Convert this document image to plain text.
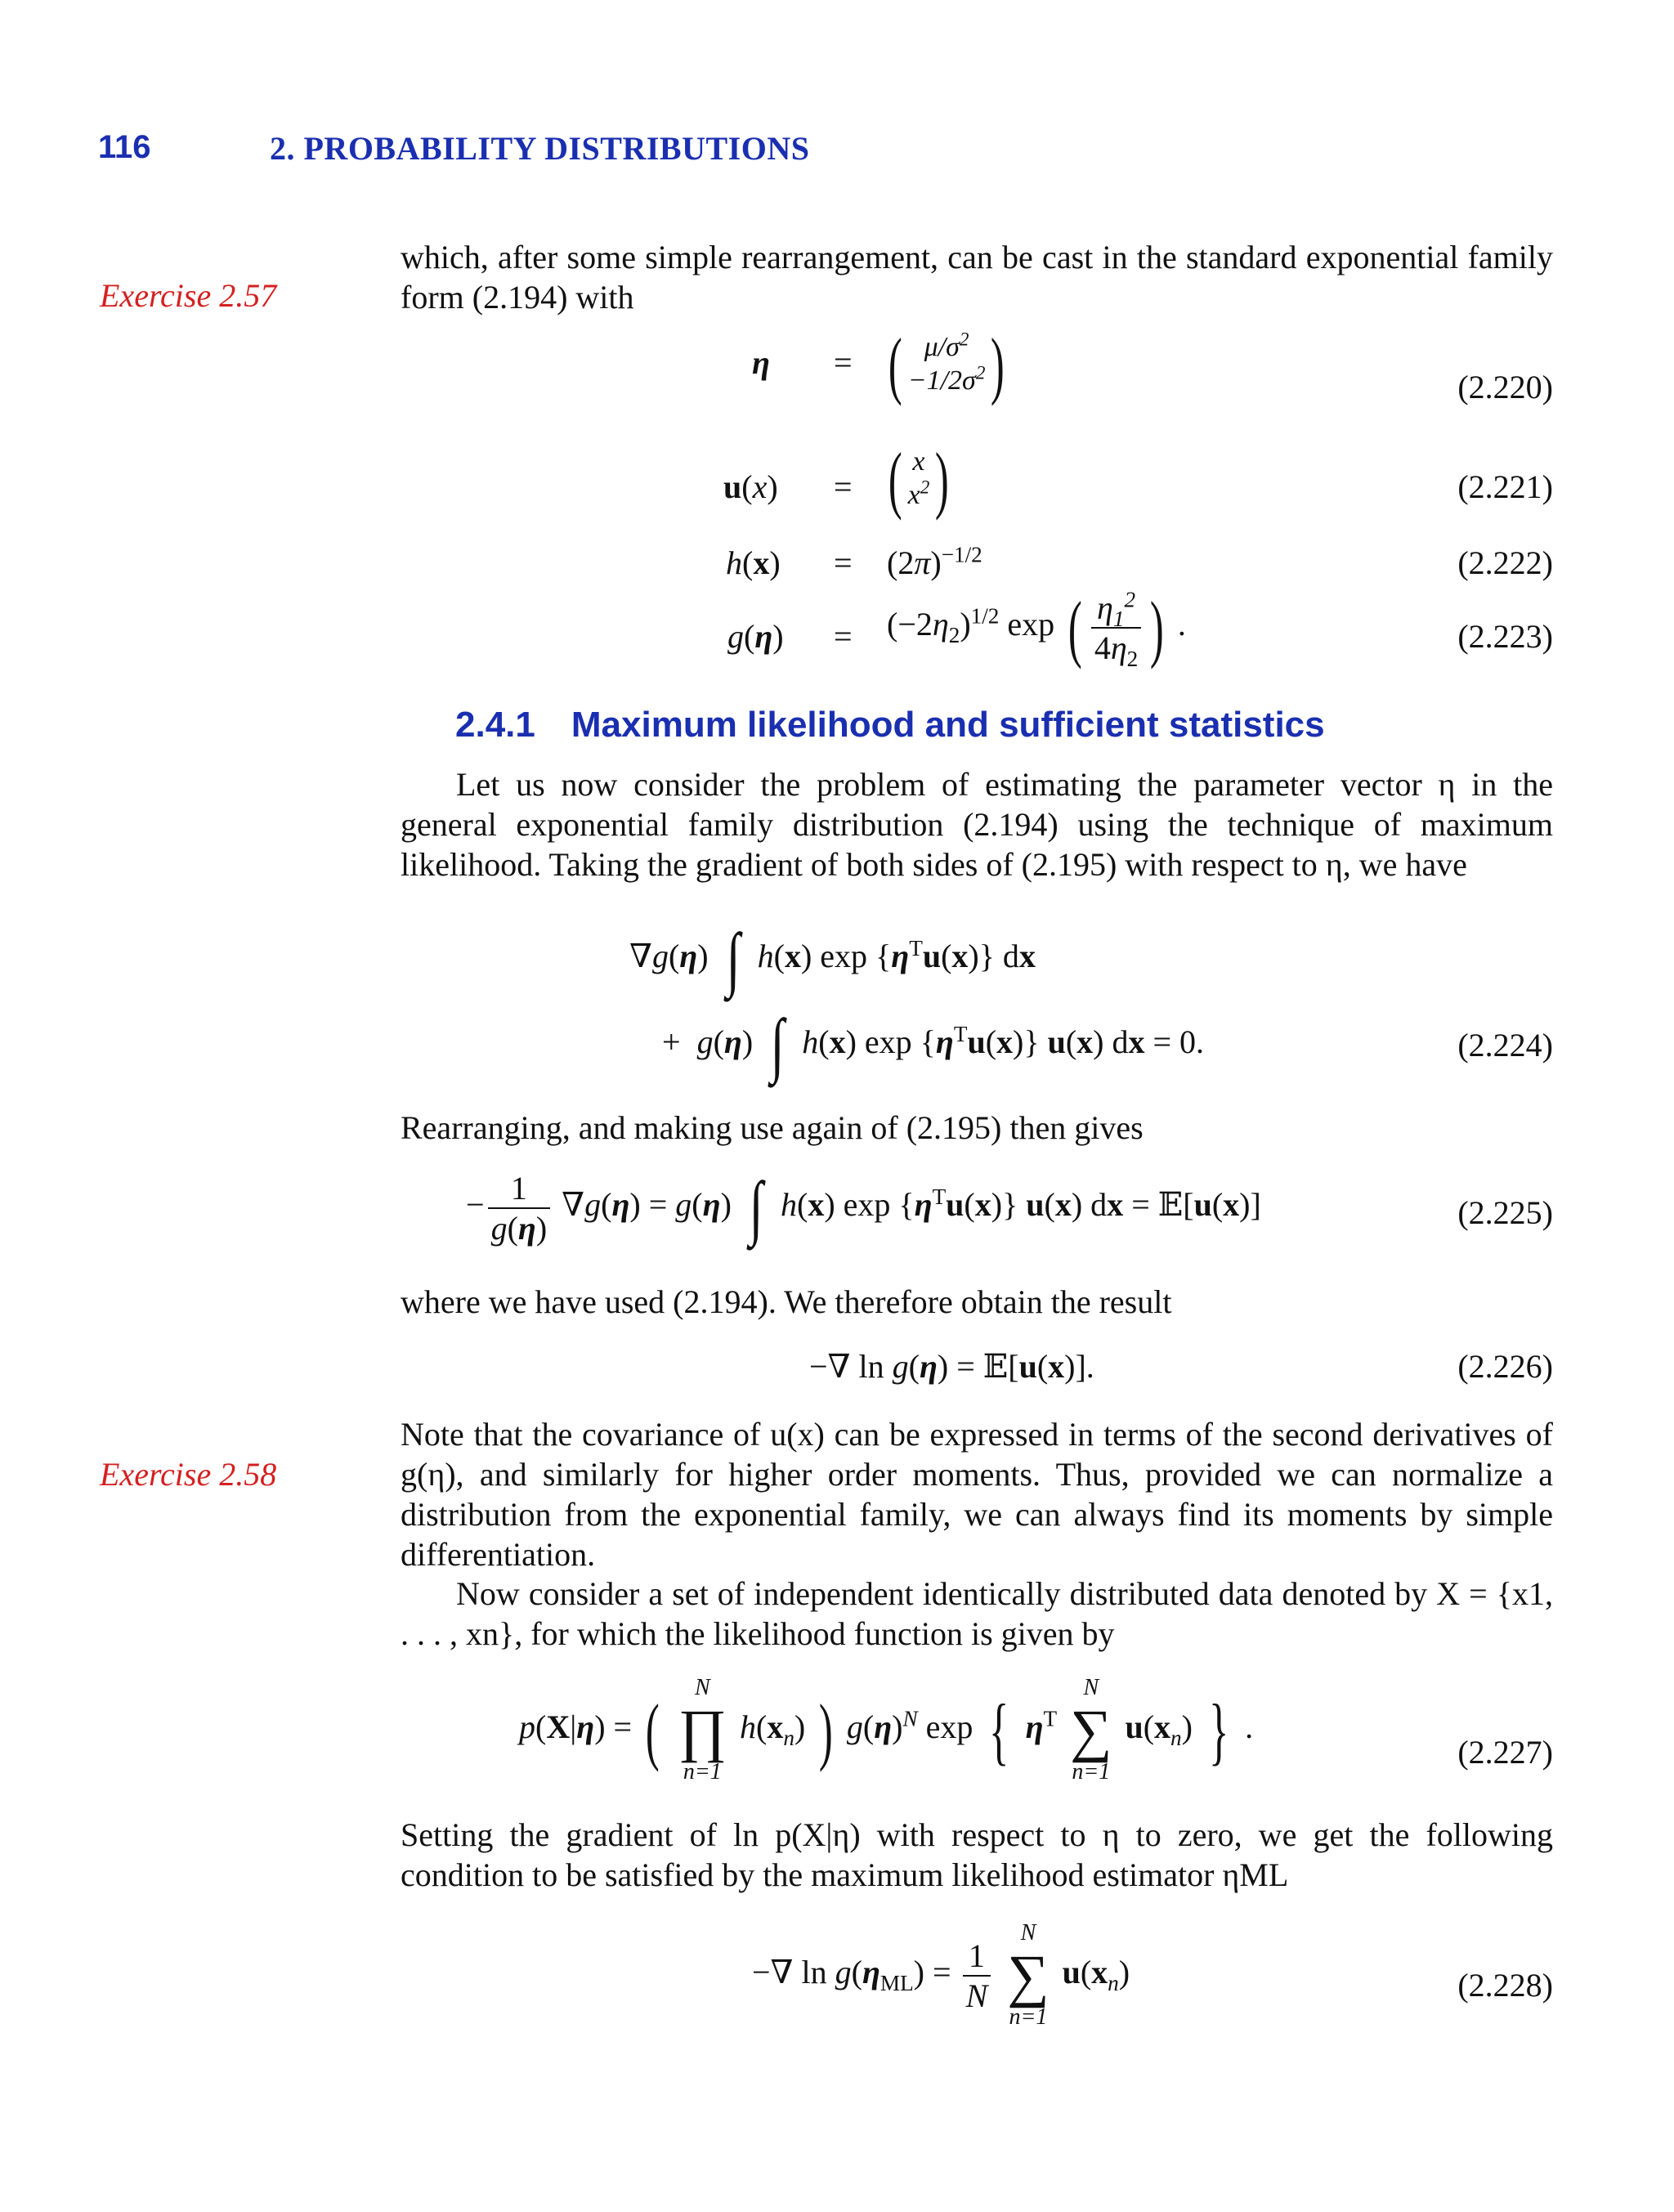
116	2. PROBABILITY DISTRIBUTIONS
Exercise 2.57
Exercise 2.58
which, after some simple rearrangement, can be cast in the standard exponential family form (2.194) with
η = ( $\mu/\sigma^2$
$-1/2\sigma^2$ )	(2.220)
u(x) = ( x
$x^2$ )	(2.221)
$h(x) = (2\pi)^{-1/2}$	(2.222)
$g(\eta) = (-2\eta_2)^{1/2}$ exp ( $\frac{\eta_1^2}{4\eta_2}$ ) .	(2.223)
2.4.1 Maximum likelihood and sufficient statistics
Let us now consider the problem of estimating the parameter vector η in the general exponential family distribution (2.194) using the technique of maximum likelihood. Taking the gradient of both sides of (2.195) with respect to η, we have
∇g(η) ∫ h(x) $\exp \{\eta^Tu(x)\}$ dx
+  g(η) ∫ h(x) $\exp \{\eta^Tu(x)\}$ u(x) dx = 0.	(2.224)
Rearranging, and making use again of (2.195) then gives
− $\frac{1}{g(\eta)} \nabla g(\eta) = g(\eta)$ ∫ h(x) $\exp \{\eta^Tu(x)\}$ u(x) dx = 𝔼[u(x)]	(2.225)
where we have used (2.194). We therefore obtain the result
−∇ ln g(η) = 𝔼[u(x)].	(2.226)
Note that the covariance of u(x) can be expressed in terms of the second derivatives of g(η), and similarly for higher order moments. Thus, provided we can normalize a distribution from the exponential family, we can always find its moments by simple differentiation.
Now consider a set of independent identically distributed data denoted by X = {x1, . . . , xn}, for which the likelihood function is given by
p(X|η) = (
N
∏
n=1
$h(x_n)$ ) $g(\eta)^N$ exp { $\eta^T$
N
∑
n=1
$u(x_n)$ } .
(2.227)
Setting the gradient of ln p(X|η) with respect to η to zero, we get the following condition to be satisfied by the maximum likelihood estimator ηML
−∇ $\ln g(\eta_{ML}) = \frac{1}{N}$

N
∑
n=1
$u(x_n)$	(2.228)
